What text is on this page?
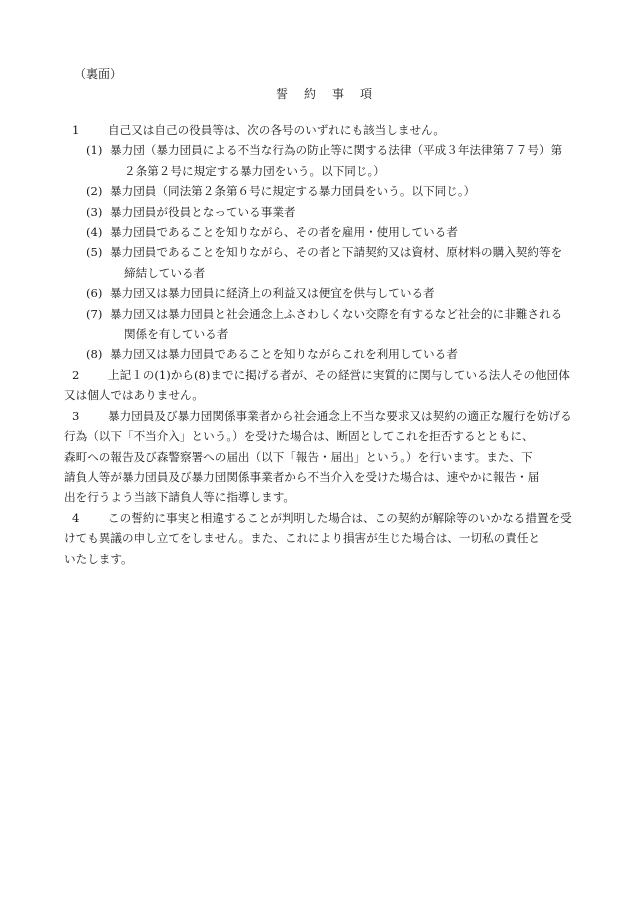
（裏面）
誓　約　事　項
1 自己又は自己の役員等は、次の各号のいずれにも該当しません。
(1) 暴力団（暴力団員による不当な行為の防止等に関する法律（平成３年法律第７７号）第
２条第２号に規定する暴力団をいう。以下同じ。）
(2) 暴力団員（同法第２条第６号に規定する暴力団員をいう。以下同じ。）
(3) 暴力団員が役員となっている事業者
(4) 暴力団員であることを知りながら、その者を雇用・使用している者
(5) 暴力団員であることを知りながら、その者と下請契約又は資材、原材料の購入契約等を
締結している者
(6) 暴力団又は暴力団員に経済上の利益又は便宜を供与している者
(7) 暴力団又は暴力団員と社会通念上ふさわしくない交際を有するなど社会的に非難される
関係を有している者
(8) 暴力団又は暴力団員であることを知りながらこれを利用している者
2 上記１の(1)から(8)までに掲げる者が、その経営に実質的に関与している法人その他団体
又は個人ではありません。
3 暴力団員及び暴力団関係事業者から社会通念上不当な要求又は契約の適正な履行を妨げる
行為（以下「不当介入」という。）を受けた場合は、断固としてこれを拒否するとともに、
森町への報告及び森警察署への届出（以下「報告・届出」という。）を行います。また、下
請負人等が暴力団員及び暴力団関係事業者から不当介入を受けた場合は、速やかに報告・届
出を行うよう当該下請負人等に指導します。
4 この誓約に事実と相違することが判明した場合は、この契約が解除等のいかなる措置を受
けても異議の申し立てをしません。また、これにより損害が生じた場合は、一切私の責任と
いたします。
